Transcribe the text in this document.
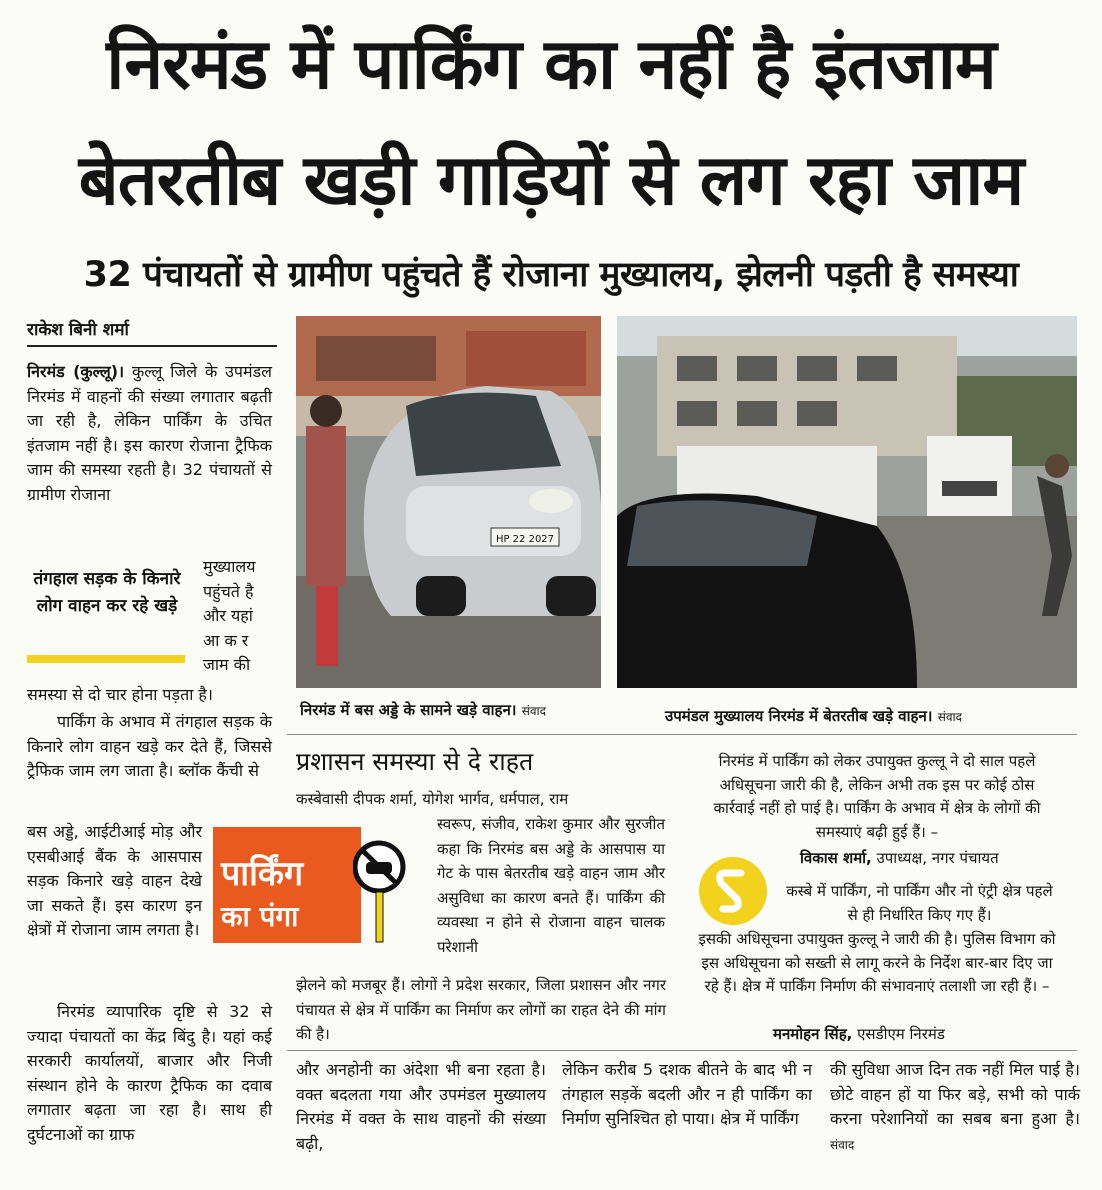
निरमंड में पार्किंग का नहीं है इंतजाम
बेतरतीब खड़ी गाड़ियों से लग रहा जाम
32 पंचायतों से ग्रामीण पहुंचते हैं रोजाना मुख्यालय, झेलनी पड़ती है समस्या
राकेश बिनी शर्मा
निरमंड (कुल्लू)। कुल्लू जिले के उपमंडल निरमंड में वाहनों की संख्या लगातार बढ़ती जा रही है, लेकिन पार्किंग के उचित इंतजाम नहीं है। इस कारण रोजाना ट्रैफिक जाम की समस्या रहती है। 32 पंचायतों से ग्रामीण रोजाना
तंगहाल सड़क के किनारे लोग वाहन कर रहे खड़े
मुख्यालय पहुंचते है और यहां आ क र जाम की
समस्या से दो चार होना पड़ता है।
पार्किंग के अभाव में तंगहाल सड़क के किनारे लोग वाहन खड़े कर देते हैं, जिससे ट्रैफिक जाम लग जाता है। ब्लॉक कैंची से
बस अड्डे, आईटीआई मोड़ और एसबीआई बैंक के आसपास सड़क किनारे खड़े वाहन देखे जा सकते हैं। इस कारण इन क्षेत्रों में रोजाना जाम लगता है।
निरमंड व्यापारिक दृष्टि से 32 से ज्यादा पंचायतों का केंद्र बिंदु है। यहां कई सरकारी कार्यालयों, बाजार और निजी संस्थान होने के कारण ट्रैफिक का दवाब लगातार बढ़ता जा रहा है। साथ ही दुर्घटनाओं का ग्राफ
HP 22 2027
निरमंड में बस अड्डे के सामने खड़े वाहन। संवाद	उपमंडल मुख्यालय निरमंड में बेतरतीब खड़े वाहन। संवाद
प्रशासन समस्या से दे राहत
कस्बेवासी दीपक शर्मा, योगेश भार्गव, धर्मपाल, राम
स्वरूप, संजीव, राकेश कुमार और सुरजीत कहा कि निरमंड बस अड्डे के आसपास या गेट के पास बेतरतीब खड़े वाहन जाम और असुविधा का कारण बनते हैं। पार्किंग की व्यवस्था न होने से रोजाना वाहन चालक परेशानी
झेलने को मजबूर हैं। लोगों ने प्रदेश सरकार, जिला प्रशासन और नगर पंचायत से क्षेत्र में पार्किंग का निर्माण कर लोगों का राहत देने की मांग की है।
पार्किंग
का पंगा
निरमंड में पार्किंग को लेकर उपायुक्त कुल्लू ने दो साल पहले अधिसूचना जारी की है, लेकिन अभी तक इस पर कोई ठोस कार्रवाई नहीं हो पाई है। पार्किंग के अभाव में क्षेत्र के लोगों की समस्याएं बढ़ी हुई हैं। –
विकास शर्मा, उपाध्यक्ष, नगर पंचायत
कस्बे में पार्किंग, नो पार्किंग और नो एंट्री क्षेत्र पहले से ही निर्धारित किए गए हैं।
इसकी अधिसूचना उपायुक्त कुल्लू ने जारी की है। पुलिस विभाग को इस अधिसूचना को सख्ती से लागू करने के निर्देश बार-बार दिए जा रहे हैं। क्षेत्र में पार्किंग निर्माण की संभावनाएं तलाशी जा रही हैं। –
मनमोहन सिंह, एसडीएम निरमंड
और अनहोनी का अंदेशा भी बना रहता है। वक्त बदलता गया और उपमंडल मुख्यालय निरमंड में वक्त के साथ वाहनों की संख्या बढ़ी,
लेकिन करीब 5 दशक बीतने के बाद भी न तंगहाल सड़कें बदली और न ही पार्किंग का निर्माण सुनिश्चित हो पाया। क्षेत्र में पार्किंग
की सुविधा आज दिन तक नहीं मिल पाई है। छोटे वाहन हों या फिर बड़े, सभी को पार्क करना परेशानियों का सबब बना हुआ है। संवाद
